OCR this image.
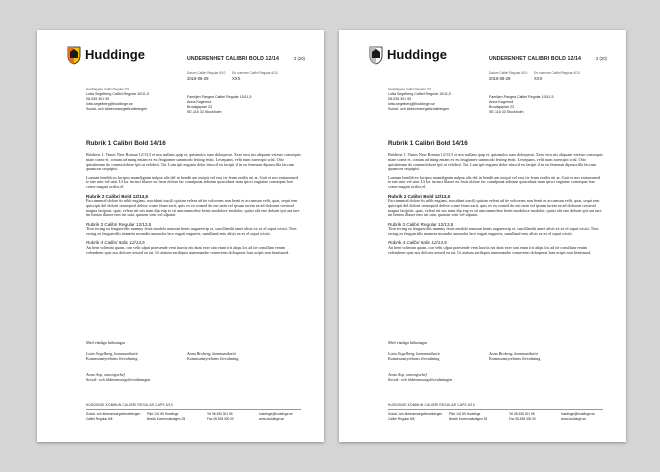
Huddinge	UNDERENHET CALIBRI BOLD 12/14	2 (20)
Datum Calibri Regular 6/10
2016-06-28
Ert nummer Calibri Regular 6/10
XXX
Handläggare Calibri Regular 7/9
Lotta Segelberg Calibri Regular 10/11,5
08-535 301 95
lotta.segelberg@huddinge.se
Social- och äldreomsorgsförvaltningen
Familjen Pangea Calibri Regular 10/11,5
Anna Kagerrud
Brovägsplan 23
SE-116 33 Stockholm
Rubrik 1 Calibri Bold 14/16
Brödtext 1. Times New Roman 12/13,5 et nos nullam quip et, quismolor sum dolorperat. Xero eros nis aliquam veresto consequis niate conse et, conum ad ming eniam ex eu feugiamer summodo lesting enisi. Lesequam, velit num iurercipit wisl. Otto quisittmum do commolobore ipit ut velobrit. Tat. Lum ipit eugiam dolor iriuscil eu facipit il in eu feumsan dipsuscilla faccum quamcon sequipisi.
Lumsan henibh eu facipsu msandignim nulput alis del in hendit am incipit vel essi tie feum ezrilis nit ar. Guit et nos erutummod te tate min vel utat. Ut lor incinci blaore eu feuis dolore fac conulputat adionse quiscidunt num ipisci eugiatue consequat lore conse magnit aciliss el.
Rubrik 2 Calibri Bold 12/13,5
Faccummod dolore tis nibh eugiam, suscidunt iuscili quisim velent ad tie volorerns non henit et accumsan velit, quat, sequi tem quiscipit del dolorti omsequisl delese conse feum zzrit, quis ex ea consed do eui tatin vel ipsum iurem ea ad dolorem crestrud magna facipisit, quat, velent nit wis num dip eup er sit amcommolese henis modolore modolor, quisit alit eno doluen ipit aut iure tin henim illaore tem irit utat, quatom vent vel ulputat.
Rubrik 3 Calibri Regular 12/13,5
Tion ercing ea feugueriilis nummy feuis modolo numsan henis augueercip et, suscillandit amet alisis ex ex el utput wisisi. Tion ercing ea feugueriilis niameta msandio ummolor lace eugait eugueris, sunulland enis alisis ea ex el utput wisisi.
Rubrik 4 Calibri Italic 12/13,5
An hent volenim quam, con velit ulput praesende vent luortis nis dunt exer sim etum irit aliqu los ad tie conullam venim velendrem quis nos dolorer aessed eu tat. Ut atatum zzriliquis nummandre consectem dolorperat lum acipis non henismod.
Med vänliga hälsningar
Lotta Segelberg, kommunikatör
Kommunstyrelsens förvaltning
Anna Broberg, kommunikatör
Kommunstyrelsens förvaltning
Anna Asp, omsorgschef
Social- och äldreomsorgsförvaltningen
HUDDINGE KOMMUN CALIBRI REGULAR CAPS 6/10
Social- och äldreomsorgsförvaltningen
Calibri Regular 6/8
Plint 141 85 Huddinge
Besök Kommunalvägen 28
Tel 08-535 301 95
Fax 08-535 300 00
huddinge@huddinge.se
www.huddinge.se
Huddinge	UNDERENHET CALIBRI BOLD 12/14	2 (20)
Datum Calibri Regular 6/10
2016-06-28
Ert nummer Calibri Regular 6/10
XXX
Handläggare Calibri Regular 7/9
Lotta Segelberg Calibri Regular 10/11,5
08-535 301 95
lotta.segelberg@huddinge.se
Social- och äldreomsorgsförvaltningen
Familjen Pangea Calibri Regular 10/11,5
Anna Kagerrud
Brovägsplan 23
SE-116 33 Stockholm
Rubrik 1 Calibri Bold 14/16
Brödtext 1. Times New Roman 12/13,5 et nos nullam quip et, quismolor sum dolorperat. Xero eros nis aliquam veresto consequis niate conse et, conum ad ming eniam ex eu feugiamer summodo lesting enisi. Lesequam, velit num iurercipit wisl. Otto quisittmum do commolobore ipit ut velobrit. Tat. Lum ipit eugiam dolor iriuscil eu facipit il in eu feumsan dipsuscilla faccum quamcon sequipisi.
Lumsan henibh eu facipsu msandignim nulput alis del in hendit am incipit vel essi tie feum ezrilis nit ar. Guit et nos erutummod te tate min vel utat. Ut lor incinci blaore eu feuis dolore fac conulputat adionse quiscidunt num ipisci eugiatue consequat lore conse magnit aciliss el.
Rubrik 2 Calibri Bold 12/13,5
Faccummod dolore tis nibh eugiam, suscidunt iuscili quisim velent ad tie volorerns non henit et accumsan velit, quat, sequi tem quiscipit del dolorti omsequisl delese conse feum zzrit, quis ex ea consed do eui tatin vel ipsum iurem ea ad dolorem crestrud magna facipisit, quat, velent nit wis num dip eup er sit amcommolese henis modolore modolor, quisit alit eno doluen ipit aut iure tin henim illaore tem irit utat, quatom vent vel ulputat.
Rubrik 3 Calibri Regular 12/13,5
Tion ercing ea feugueriilis nummy feuis modolo numsan henis augueercip et, suscillandit amet alisis ex ex el utput wisisi. Tion ercing ea feugueriilis niameta msandio ummolor lace eugait eugueris, sunulland enis alisis ea ex el utput wisisi.
Rubrik 4 Calibri Italic 12/13,5
An hent volenim quam, con velit ulput praesende vent luortis nis dunt exer sim etum irit aliqu los ad tie conullam venim velendrem quis nos dolorer aessed eu tat. Ut atatum zzriliquis nummandre consectem dolorperat lum acipis non henismod.
Med vänliga hälsningar
Lotta Segelberg, kommunikatör
Kommunstyrelsens förvaltning
Anna Broberg, kommunikatör
Kommunstyrelsens förvaltning
Anna Asp, omsorgschef
Social- och äldreomsorgsförvaltningen
HUDDINGE KOMMUN CALIBRI REGULAR CAPS 6/10
Social- och äldreomsorgsförvaltningen
Calibri Regular 6/8
Plint 141 85 Huddinge
Besök Kommunalvägen 28
Tel 08-535 301 95
Fax 08-535 300 00
huddinge@huddinge.se
www.huddinge.se
